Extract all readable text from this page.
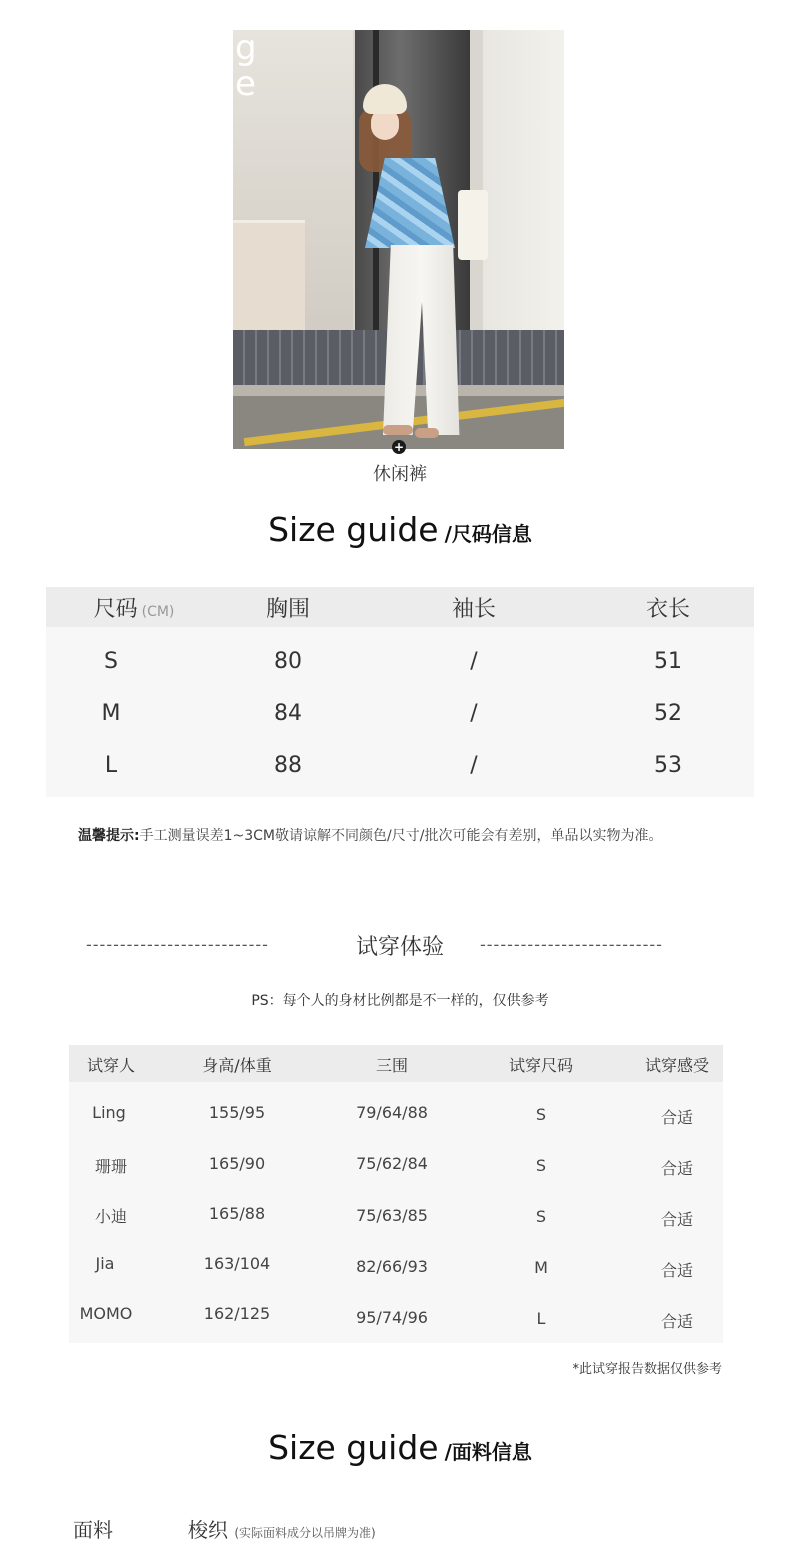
g
e
+
休闲裤
Size guide /尺码信息
尺码 (CM)	胸围	袖长	衣长
S	80	/	51
M	84	/	52
L	88	/	53
温馨提示:手工测量误差1~3CM敬请谅解不同颜色/尺寸/批次可能会有差别，单品以实物为准。
---------------------------	试穿体验	---------------------------
PS：每个人的身材比例都是不一样的，仅供参考
试穿人	身高/体重	三围	试穿尺码	试穿感受
Ling	155/95	79/64/88	S	合适
珊珊	165/90	75/62/84	S	合适
小迪	165/88	75/63/85	S	合适
Jia	163/104	82/66/93	M	合适
MOMO	162/125	95/74/96	L	合适
*此试穿报告数据仅供参考
Size guide /面料信息
面料	梭织 (实际面料成分以吊牌为准)
